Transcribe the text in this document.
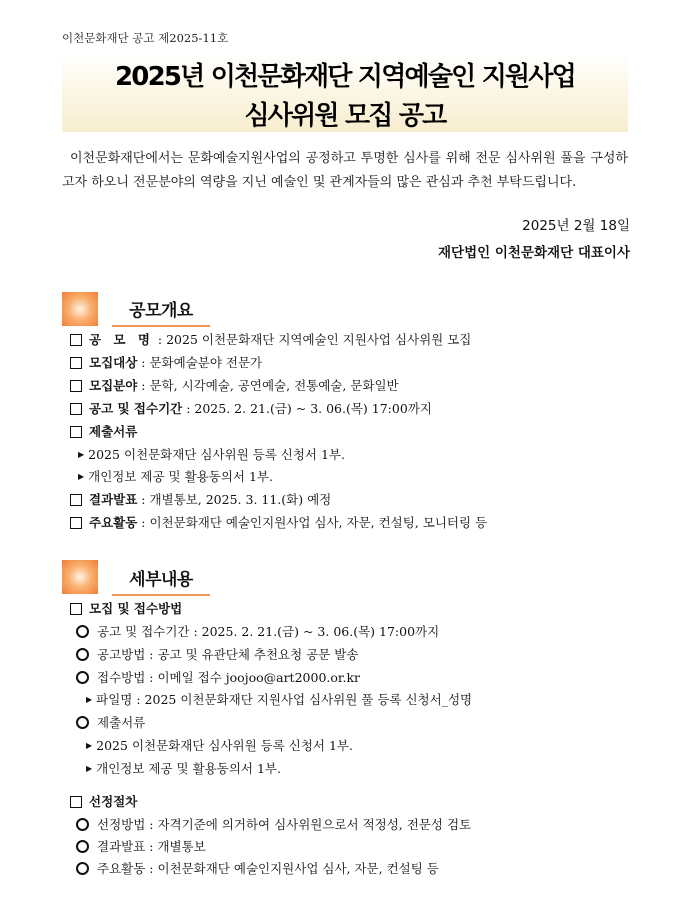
이천문화재단 공고 제2025-11호
2025년 이천문화재단 지역예술인 지원사업
심사위원 모집 공고
이천문화재단에서는 문화예술지원사업의 공정하고 투명한 심사를 위해 전문 심사위원 풀을 구성하고자 하오니 전문분야의 역량을 지닌 예술인 및 관계자들의 많은 관심과 추천 부탁드립니다.
2025년 2월 18일
재단법인 이천문화재단 대표이사
공모개요
공 모 명 : 2025 이천문화재단 지역예술인 지원사업 심사위원 모집
모집대상 : 문화예술분야 전문가
모집분야 : 문학, 시각예술, 공연예술, 전통예술, 문화일반
공고 및 접수기간 : 2025. 2. 21.(금) ~ 3. 06.(목) 17:00까지
제출서류
▶ 2025 이천문화재단 심사위원 등록 신청서 1부.
▶ 개인정보 제공 및 활용동의서 1부.
결과발표 : 개별통보, 2025. 3. 11.(화) 예정
주요활동 : 이천문화재단 예술인지원사업 심사, 자문, 컨설팅, 모니터링 등
세부내용
모집 및 접수방법
공고 및 접수기간 : 2025. 2. 21.(금) ~ 3. 06.(목) 17:00까지
공고방법 : 공고 및 유관단체 추천요청 공문 발송
접수방법 : 이메일 접수 joojoo@art2000.or.kr
▶ 파일명 : 2025 이천문화재단 지원사업 심사위원 풀 등록 신청서_성명
제출서류
▶ 2025 이천문화재단 심사위원 등록 신청서 1부.
▶ 개인정보 제공 및 활용동의서 1부.
선정절차
선정방법 : 자격기준에 의거하여 심사위원으로서 적정성, 전문성 검토
결과발표 : 개별통보
주요활동 : 이천문화재단 예술인지원사업 심사, 자문, 컨설팅 등
